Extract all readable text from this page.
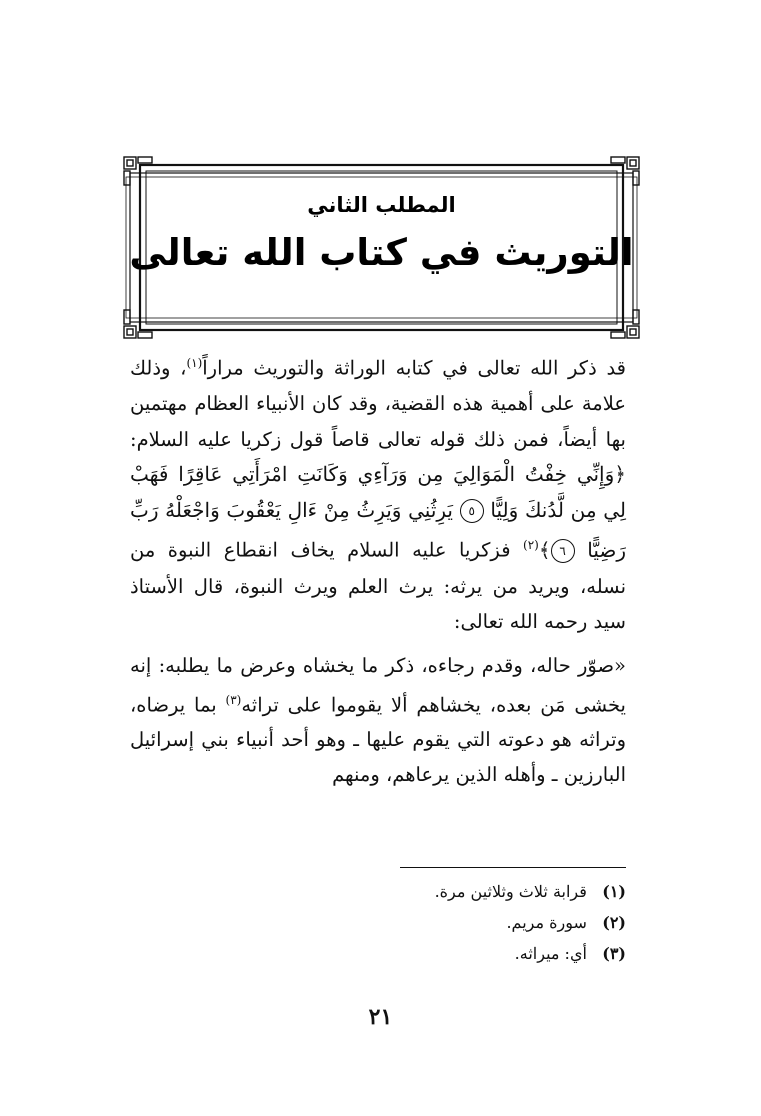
المطلب الثاني
التوريث في كتاب الله تعالى

قد ذكر الله تعالى في كتابه الوراثة والتوريث مراراً$^{(١)}$، وذلك علامة على أهمية هذه القضية، وقد كان الأنبياء العظام مهتمين بها أيضاً، فمن ذلك قوله تعالى قاصاً قول زكريا عليه السلام: ﴿وَإِنِّي خِفْتُ الْمَوَالِيَ مِن وَرَآءِي وَكَانَتِ امْرَأَتِي عَاقِرًا فَهَبْ لِي مِن لَّدُنكَ وَلِيًّا ٥ يَرِثُنِي وَيَرِثُ مِنْ ءَالِ يَعْقُوبَ وَاجْعَلْهُ رَبِّ رَضِيًّا ٦﴾$^{(٢)}$ فزكريا عليه السلام يخاف انقطاع النبوة من نسله، ويريد من يرثه: يرث العلم ويرث النبوة، قال الأستاذ سيد رحمه الله تعالى:

«صوّر حاله، وقدم رجاءه، ذكر ما يخشاه وعرض ما يطلبه: إنه يخشى مَن بعده، يخشاهم ألا يقوموا على تراثه$^{(٣)}$ بما يرضاه، وتراثه هو دعوته التي يقوم عليها ـ وهو أحد أنبياء بني إسرائيل البارزين ـ وأهله الذين يرعاهم، ومنهم

(١) قرابة ثلاث وثلاثين مرة.
(٢) سورة مريم.
(٣) أي: ميراثه.
٢١
